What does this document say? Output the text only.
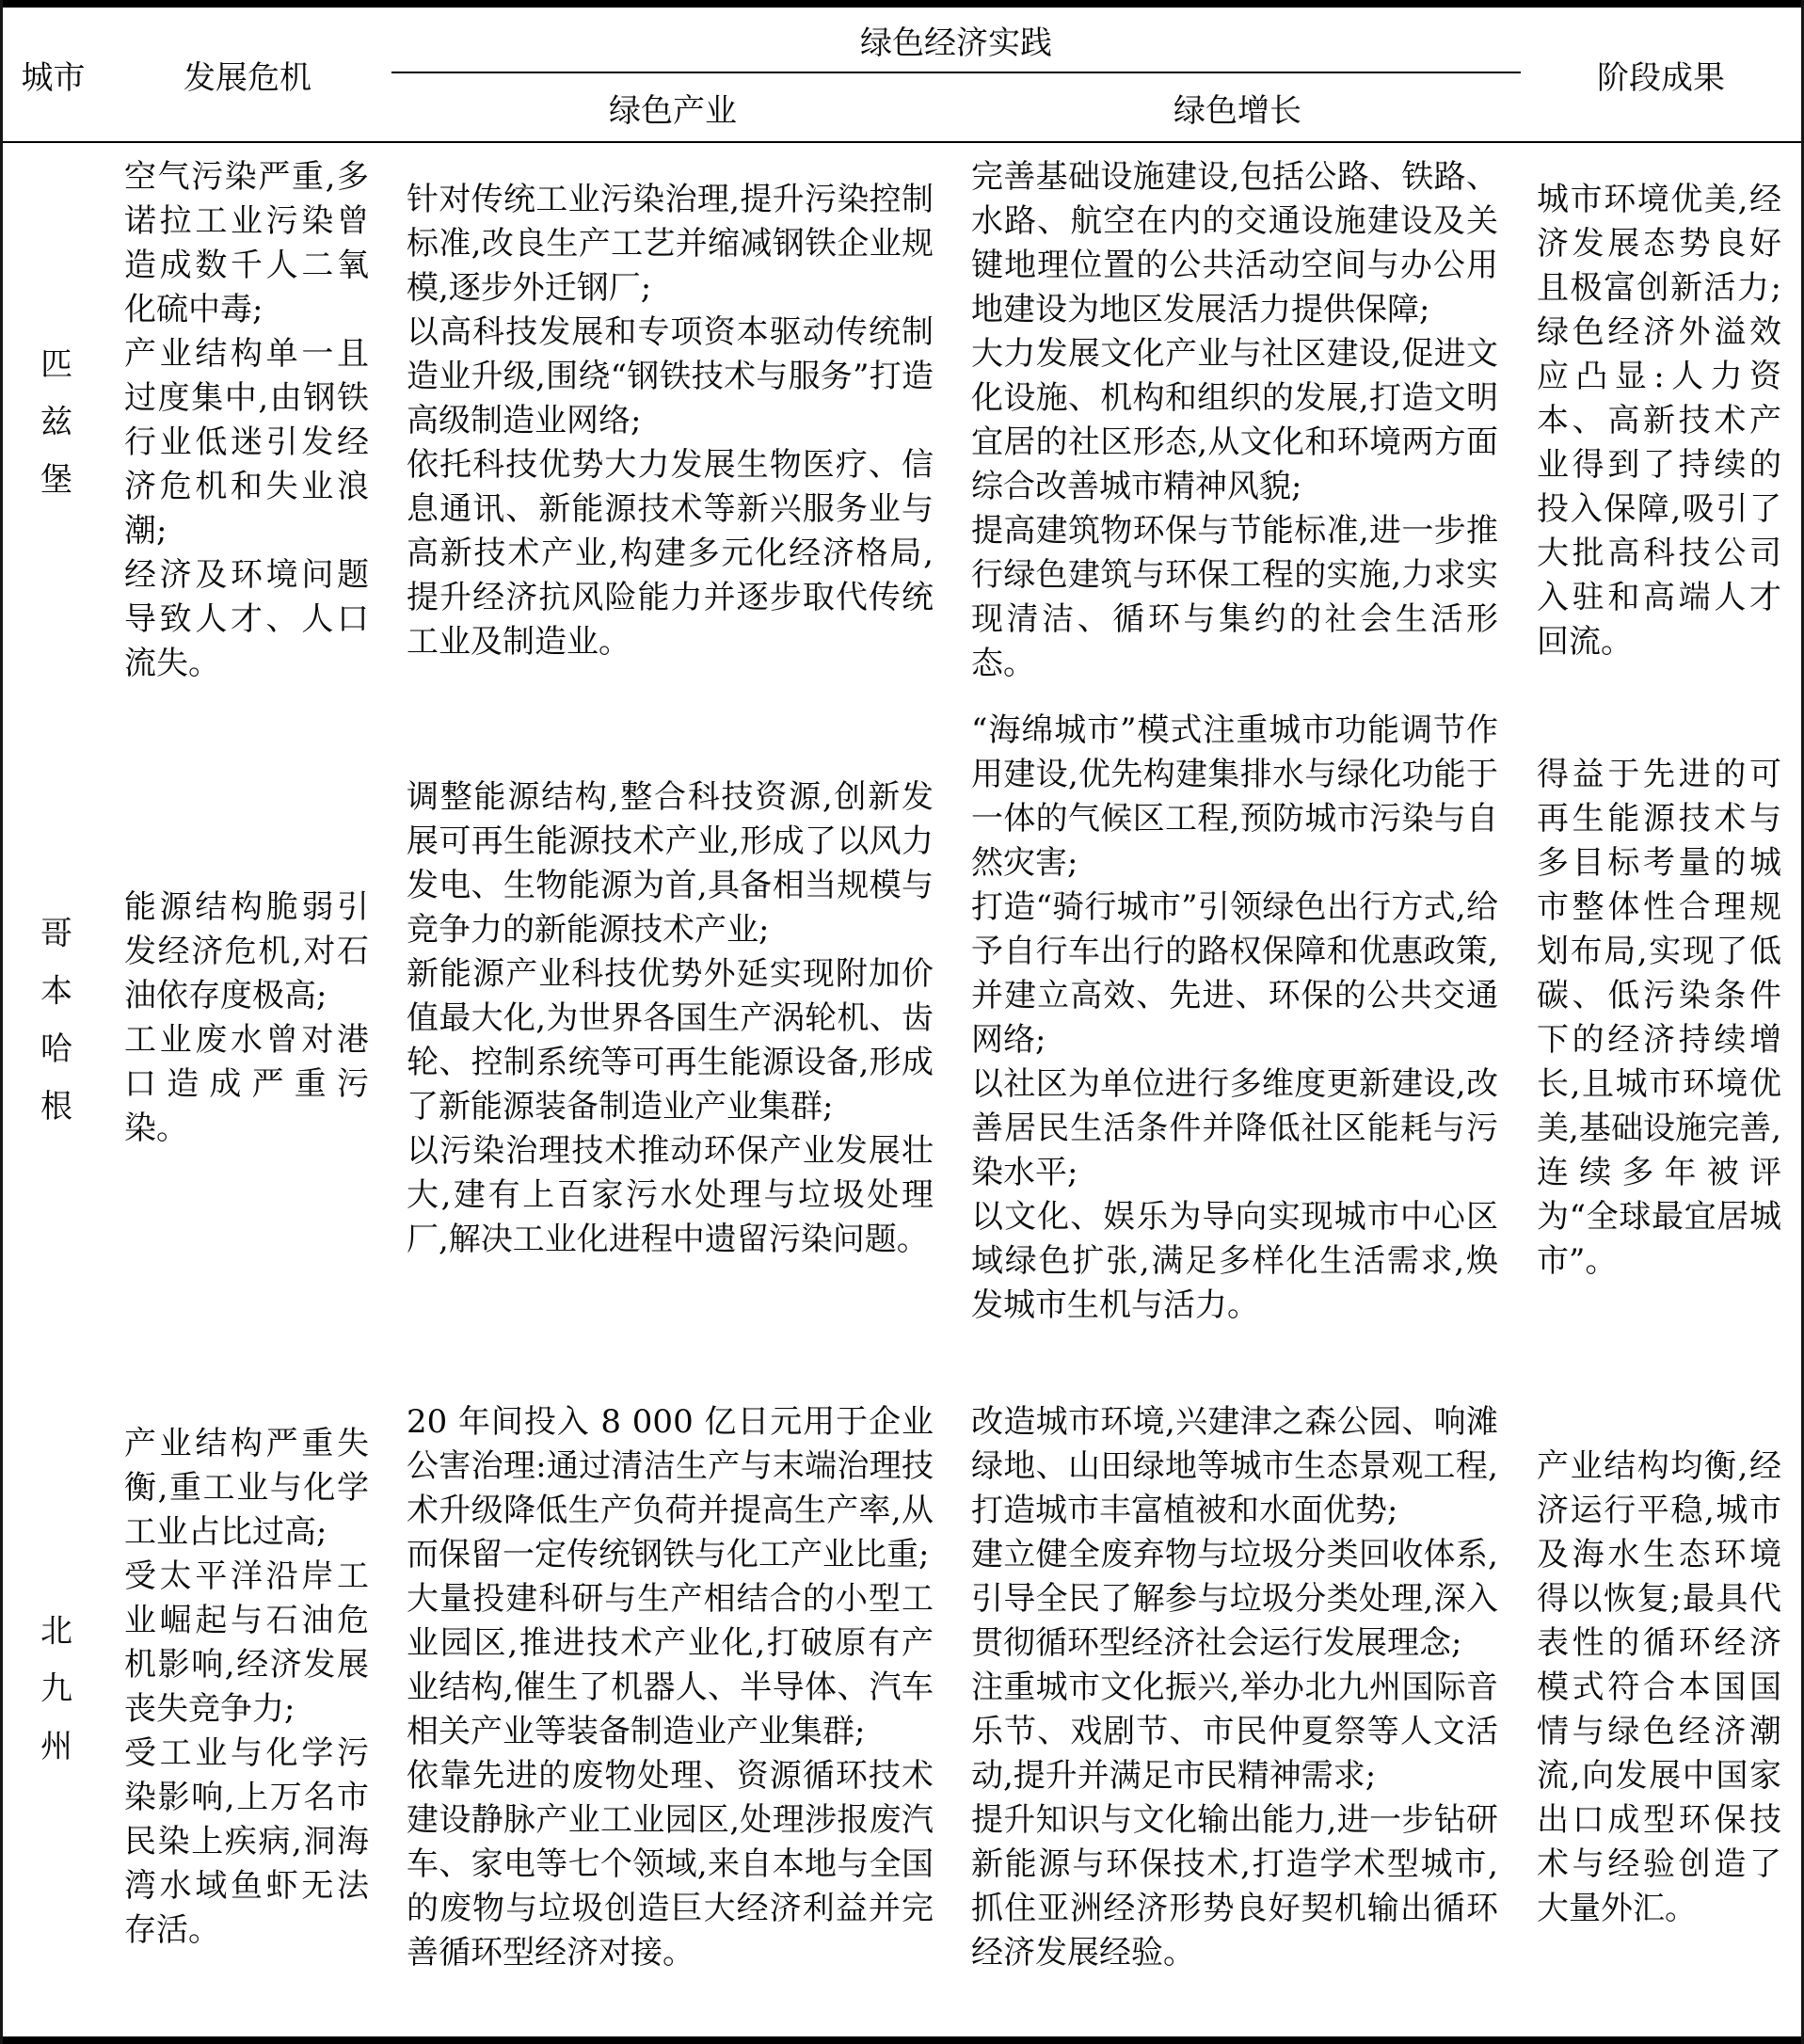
城市	发展危机
绿色经济实践
绿色产业	绿色增长
阶段成果
匹兹堡

空气污染严重,多诺拉工业污染曾造成数千人二氧化硫中毒;

产业结构单一且过度集中,由钢铁行业低迷引发经济危机和失业浪潮;

经济及环境问题导致人才、人口流失。

针对传统工业污染治理,提升污染控制标准,改良生产工艺并缩减钢铁企业规模,逐步外迁钢厂;

以高科技发展和专项资本驱动传统制造业升级,围绕“钢铁技术与服务”打造高级制造业网络;

依托科技优势大力发展生物医疗、信息通讯、新能源技术等新兴服务业与高新技术产业,构建多元化经济格局,提升经济抗风险能力并逐步取代传统工业及制造业。

完善基础设施建设,包括公路、铁路、水路、航空在内的交通设施建设及关键地理位置的公共活动空间与办公用地建设为地区发展活力提供保障;

大力发展文化产业与社区建设,促进文化设施、机构和组织的发展,打造文明宜居的社区形态,从文化和环境两方面综合改善城市精神风貌;

提高建筑物环保与节能标准,进一步推行绿色建筑与环保工程的实施,力求实现清洁、循环与集约的社会生活形态。

城市环境优美,经济发展态势良好且极富创新活力;绿色经济外溢效应凸显:人力资本、高新技术产业得到了持续的投入保障,吸引了大批高科技公司入驻和高端人才回流。

哥本哈根

能源结构脆弱引发经济危机,对石油依存度极高;

工业废水曾对港口造成严重污染。

调整能源结构,整合科技资源,创新发展可再生能源技术产业,形成了以风力发电、生物能源为首,具备相当规模与竞争力的新能源技术产业;

新能源产业科技优势外延实现附加价值最大化,为世界各国生产涡轮机、齿轮、控制系统等可再生能源设备,形成了新能源装备制造业产业集群;

以污染治理技术推动环保产业发展壮大,建有上百家污水处理与垃圾处理厂,解决工业化进程中遗留污染问题。

“海绵城市”模式注重城市功能调节作用建设,优先构建集排水与绿化功能于一体的气候区工程,预防城市污染与自然灾害;

打造“骑行城市”引领绿色出行方式,给予自行车出行的路权保障和优惠政策,并建立高效、先进、环保的公共交通网络;

以社区为单位进行多维度更新建设,改善居民生活条件并降低社区能耗与污染水平;

以文化、娱乐为导向实现城市中心区域绿色扩张,满足多样化生活需求,焕发城市生机与活力。

得益于先进的可再生能源技术与多目标考量的城市整体性合理规划布局,实现了低碳、低污染条件下的经济持续增长,且城市环境优美,基础设施完善,连续多年被评为“全球最宜居城市”。

北九州

产业结构严重失衡,重工业与化学工业占比过高;

受太平洋沿岸工业崛起与石油危机影响,经济发展丧失竞争力;

受工业与化学污染影响,上万名市民染上疾病,洞海湾水域鱼虾无法存活。

20 年间投入 8 000 亿日元用于企业公害治理:通过清洁生产与末端治理技术升级降低生产负荷并提高生产率,从而保留一定传统钢铁与化工产业比重;

大量投建科研与生产相结合的小型工业园区,推进技术产业化,打破原有产业结构,催生了机器人、半导体、汽车相关产业等装备制造业产业集群;

依靠先进的废物处理、资源循环技术建设静脉产业工业园区,处理涉报废汽车、家电等七个领域,来自本地与全国的废物与垃圾创造巨大经济利益并完善循环型经济对接。

改造城市环境,兴建津之森公园、响滩绿地、山田绿地等城市生态景观工程,打造城市丰富植被和水面优势;

建立健全废弃物与垃圾分类回收体系,引导全民了解参与垃圾分类处理,深入贯彻循环型经济社会运行发展理念;

注重城市文化振兴,举办北九州国际音乐节、戏剧节、市民仲夏祭等人文活动,提升并满足市民精神需求;

提升知识与文化输出能力,进一步钻研新能源与环保技术,打造学术型城市,抓住亚洲经济形势良好契机输出循环经济发展经验。

产业结构均衡,经济运行平稳,城市及海水生态环境得以恢复;最具代表性的循环经济模式符合本国国情与绿色经济潮流,向发展中国家出口成型环保技术与经验创造了大量外汇。
